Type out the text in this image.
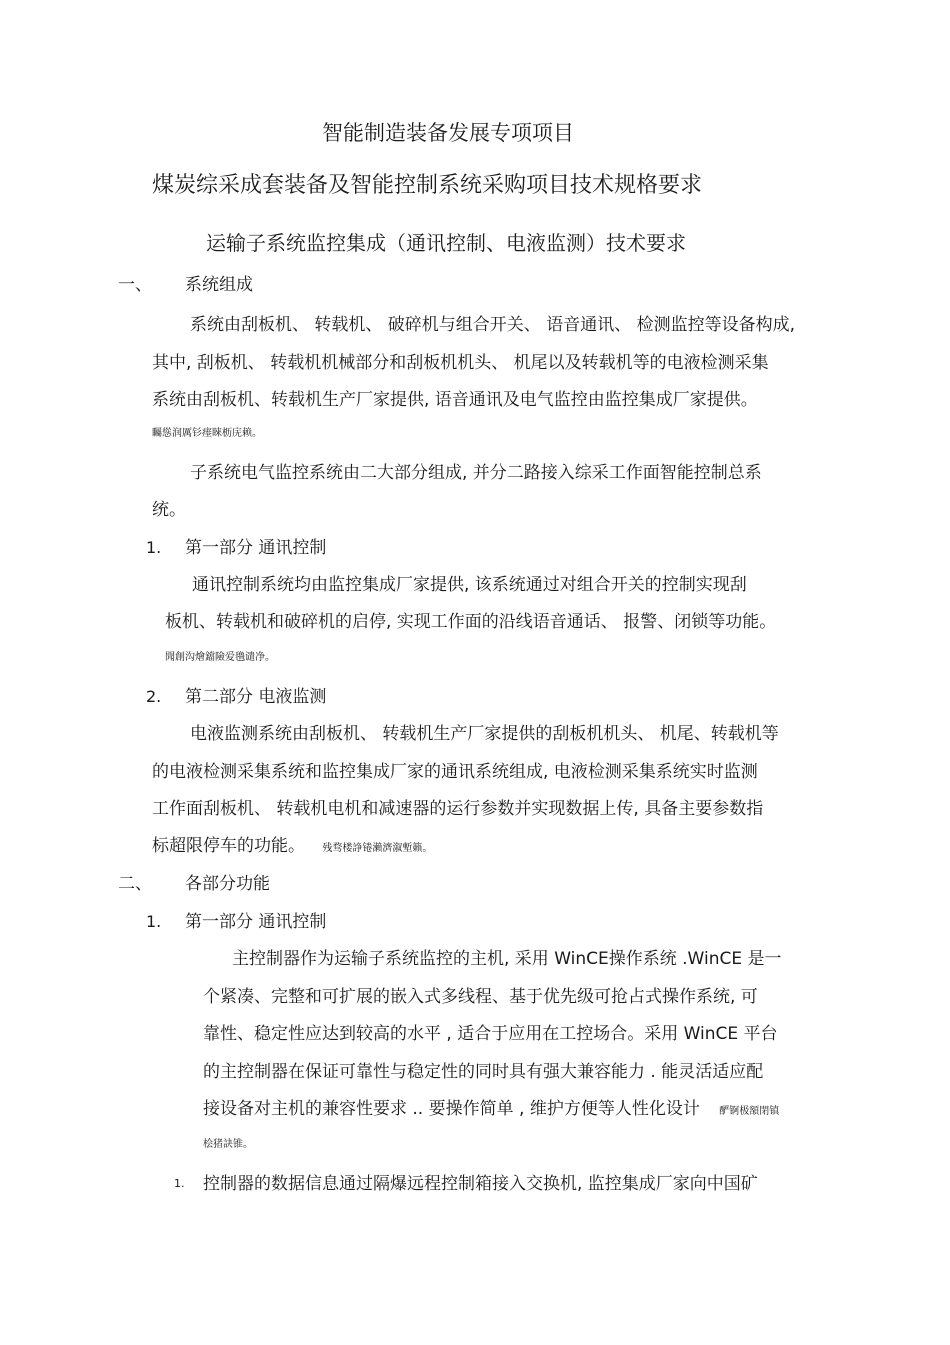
智能制造装备发展专项项目
煤炭综采成套装备及智能控制系统采购项目技术规格要求
运输子系统监控集成（通讯控制、电液监测）技术要求
一、 系统组成
系统由刮板机、 转载机、 破碎机与组合开关、 语音通讯、 检测监控等设备构成,
其中, 刮板机、 转载机机械部分和刮板机机头、 机尾以及转载机等的电液检测采集
系统由刮板机、转载机生产厂家提供, 语音通讯及电气监控由监控集成厂家提供。
矚慫润厲钐瘗睞枥庑赖。
子系统电气监控系统由二大部分组成, 并分二路接入综采工作面智能控制总系
统。
1. 第一部分 通讯控制
通讯控制系统均由监控集成厂家提供, 该系统通过对组合开关的控制实现刮
板机、转载机和破碎机的启停, 实现工作面的沿线语音通话、 报警、闭锁等功能。
聞創沟燴鐺險爱氇谴净。
2. 第二部分 电液监测
电液监测系统由刮板机、 转载机生产厂家提供的刮板机机头、 机尾、转载机等
的电液检测采集系统和监控集成厂家的通讯系统组成, 电液检测采集系统实时监测
工作面刮板机、 转载机电机和减速器的运行参数并实现数据上传, 具备主要参数指
标超限停车的功能。 残骛楼諍锩瀨濟溆塹籟。
二、 各部分功能
1. 第一部分 通讯控制
主控制器作为运输子系统监控的主机, 采用 WinCE操作系统 .WinCE 是一
个紧凑、完整和可扩展的嵌入式多线程、基于优先级可抢占式操作系统, 可
靠性、稳定性应达到较高的水平 , 适合于应用在工控场合。采用 WinCE 平台
的主控制器在保证可靠性与稳定性的同时具有强大兼容能力 . 能灵活适应配
接设备对主机的兼容性要求 .. 要操作简单 , 维护方便等人性化设计 酽锕极額閉镇
桧猪訣锥。
1. 控制器的数据信息通过隔爆远程控制箱接入交换机, 监控集成厂家向中国矿
